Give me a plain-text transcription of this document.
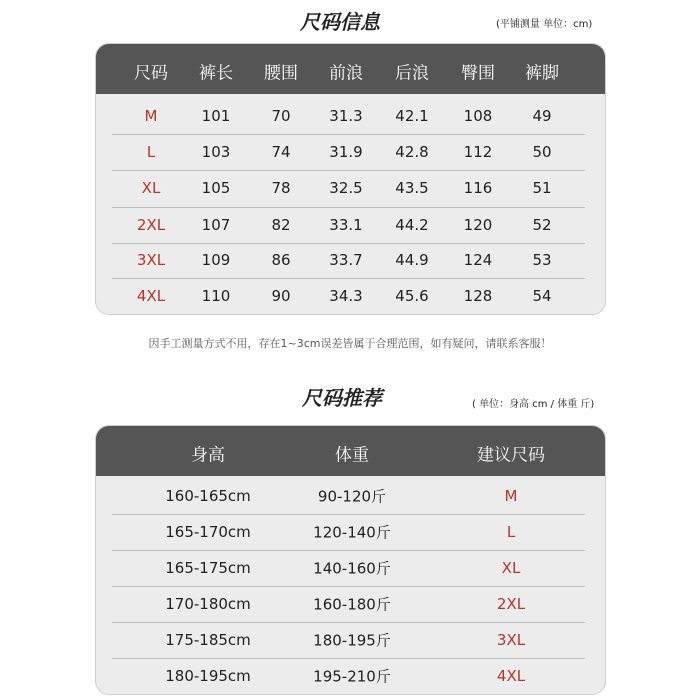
尺码信息	(平铺测量 单位：cm)
尺码 裤长 腰围 前浪 后浪 臀围 裤脚
M	101	70	31.3 42.1 108	49
L	103	74	31.9 42.8 112	50
XL	105	78	32.5 43.5 116	51
2XL 107	82	33.1 44.2 120	52
3XL 109	86	33.7 44.9 124	53
4XL 110	90	34.3 45.6 128	54
因手工测量方式不用，存在1~3cm误差皆属于合理范围，如有疑问，请联系客服！
尺码推荐	( 单位：身高 cm / 体重 斤)
身高	体重	建议尺码
160-165cm	90-120斤	M
165-170cm	120-140斤	L
165-175cm	140-160斤	XL
170-180cm	160-180斤	2XL
175-185cm	180-195斤	3XL
180-195cm	195-210斤	4XL
